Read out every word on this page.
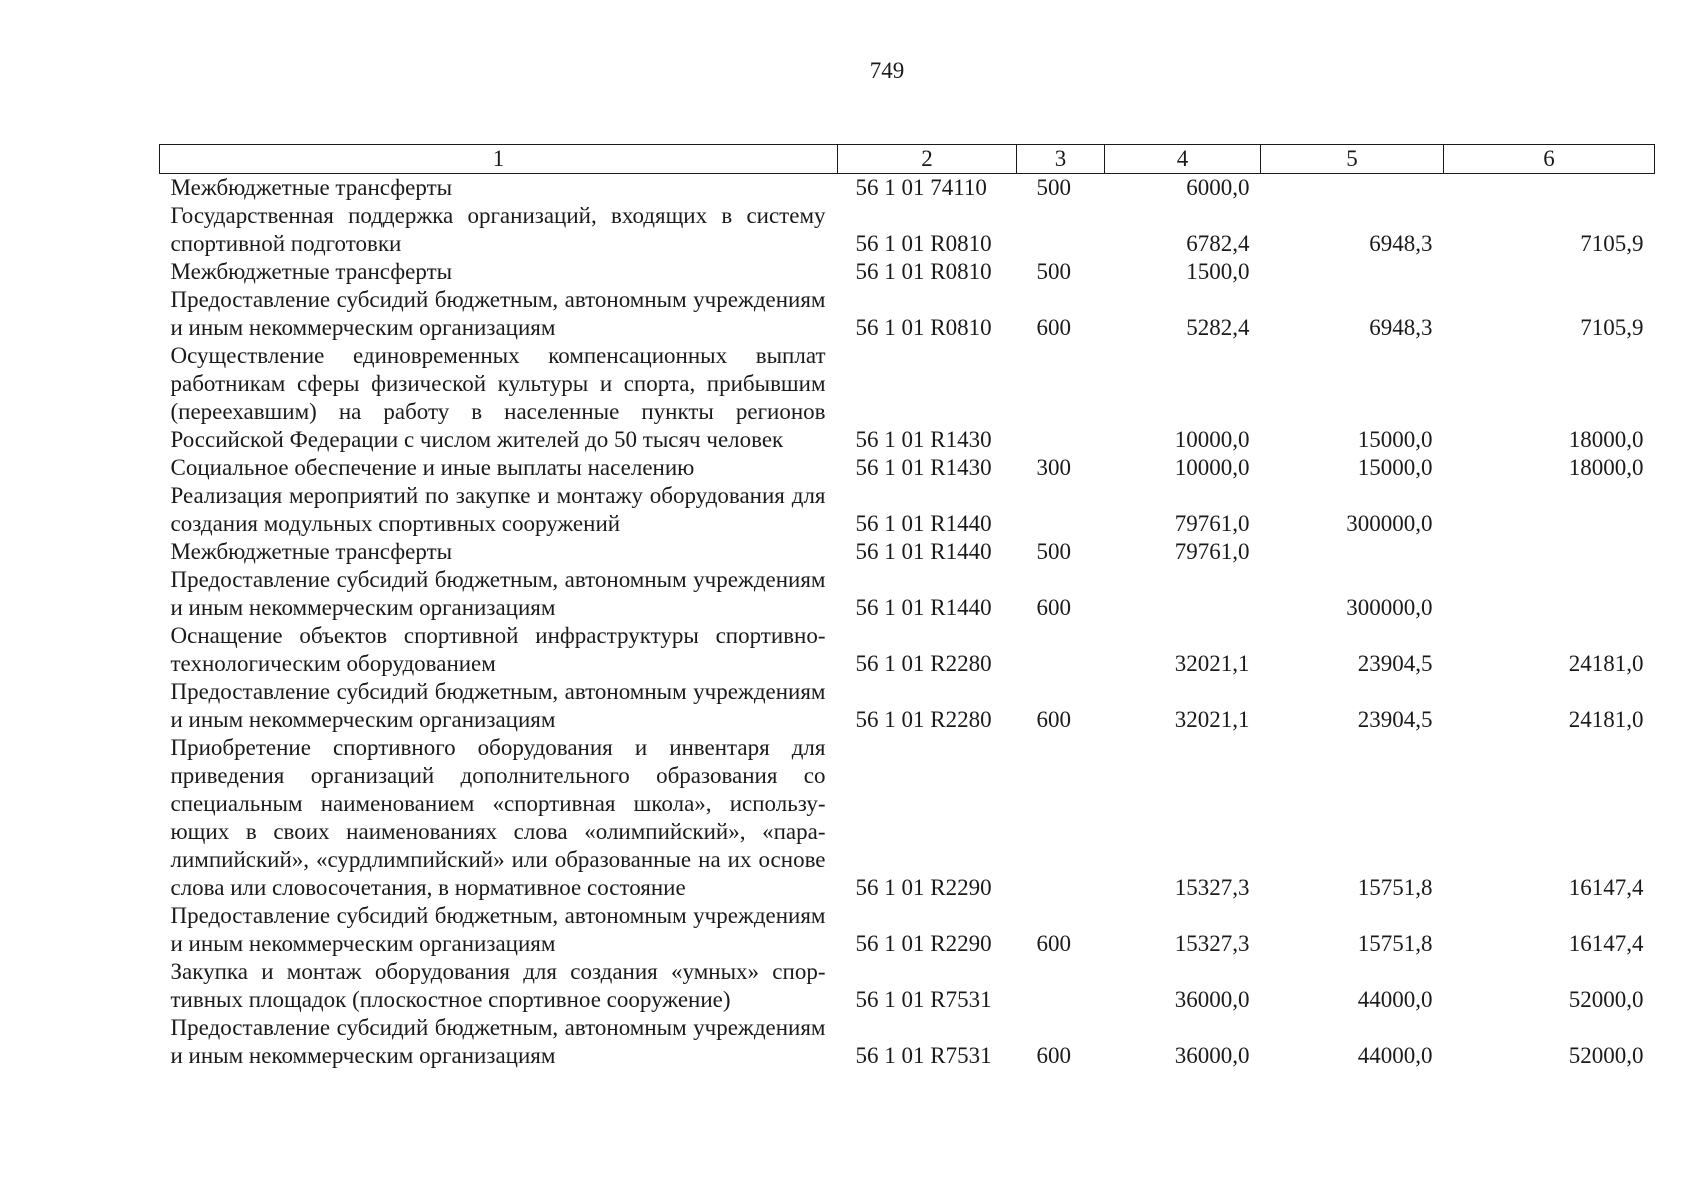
749
1	2	3	4	5	6
Межбюджетные трансферты	56 1 01 74110	500	6000,0		
Государственная поддержка организаций, входящих в систему спортивной подготовки	56 1 01 R0810		6782,4	6948,3	7105,9
Межбюджетные трансферты	56 1 01 R0810	500	1500,0		
Предоставление субсидий бюджетным, автономным учреждениям и иным некоммерческим организациям	56 1 01 R0810	600	5282,4	6948,3	7105,9
Осуществление единовременных компенсационных выплат работникам сферы физической культуры и спорта, прибывшим (переехавшим) на работу в населенные пункты регионов Российской Федерации с числом жителей до 50 тысяч человек	56 1 01 R1430		10000,0	15000,0	18000,0
Социальное обеспечение и иные выплаты населению	56 1 01 R1430	300	10000,0	15000,0	18000,0
Реализация мероприятий по закупке и монтажу оборудования для создания модульных спортивных сооружений	56 1 01 R1440		79761,0	300000,0	
Межбюджетные трансферты	56 1 01 R1440	500	79761,0		
Предоставление субсидий бюджетным, автономным учреждениям и иным некоммерческим организациям	56 1 01 R1440	600		300000,0	
Оснащение объектов спортивной инфраструктуры спортивно-технологическим оборудованием	56 1 01 R2280		32021,1	23904,5	24181,0
Предоставление субсидий бюджетным, автономным учреждениям и иным некоммерческим организациям	56 1 01 R2280	600	32021,1	23904,5	24181,0
Приобретение спортивного оборудования и инвентаря для приведения организаций дополнительного образования со специальным наименованием «спортивная школа», использующих в своих наименованиях слова «олимпийский», «паралимпийский», «сурдлимпийский» или образованные на их основе слова или словосочетания, в нормативное состояние	56 1 01 R2290		15327,3	15751,8	16147,4
Предоставление субсидий бюджетным, автономным учреждениям и иным некоммерческим организациям	56 1 01 R2290	600	15327,3	15751,8	16147,4
Закупка и монтаж оборудования для создания «умных» спортивных площадок (плоскостное спортивное сооружение)	56 1 01 R7531		36000,0	44000,0	52000,0
Предоставление субсидий бюджетным, автономным учреждениям и иным некоммерческим организациям	56 1 01 R7531	600	36000,0	44000,0	52000,0
